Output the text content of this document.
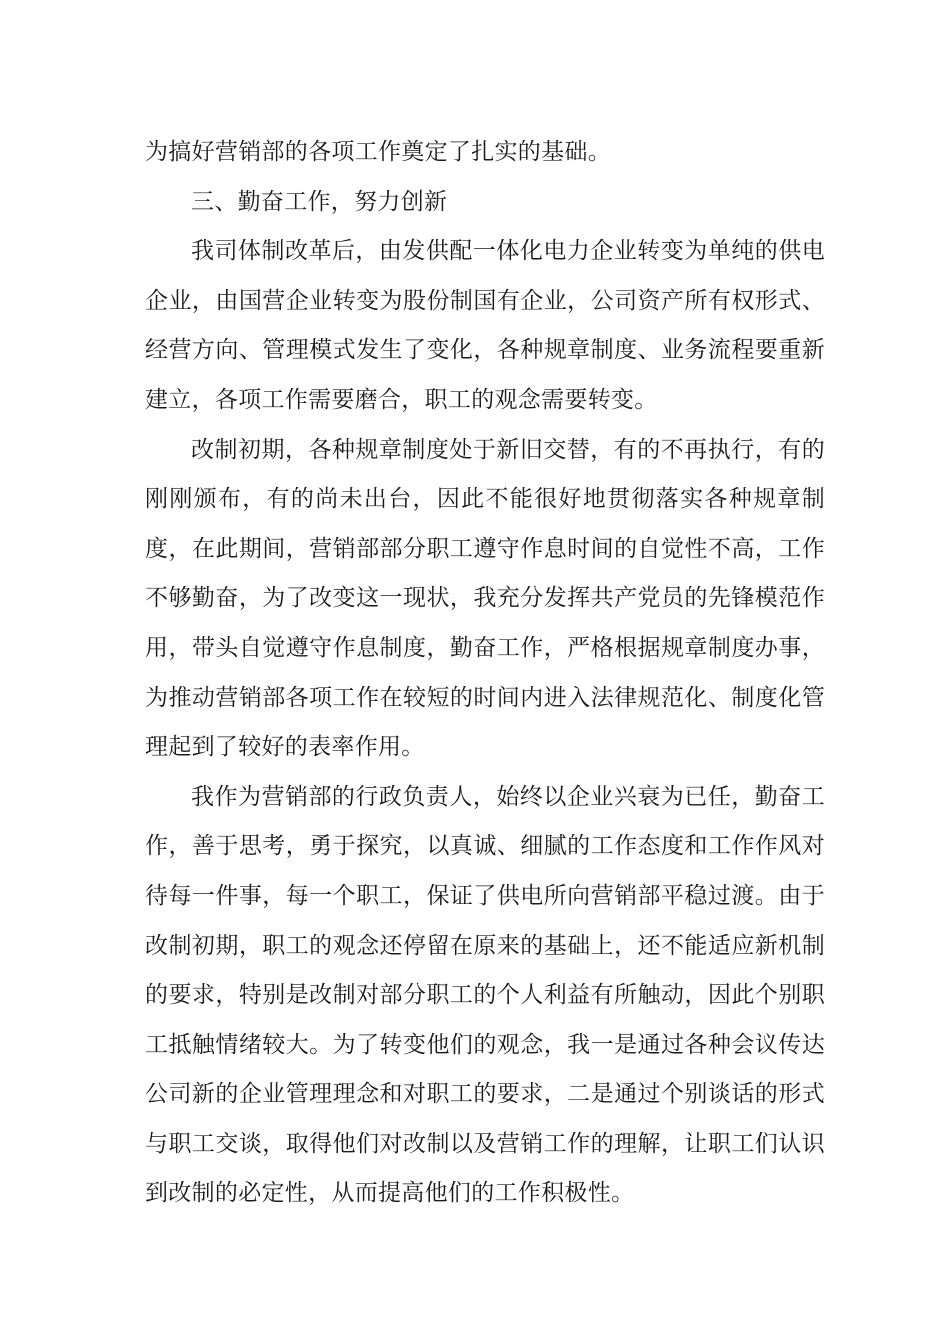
为搞好营销部的各项工作奠定了扎实的基础。

三、勤奋工作，努力创新

我司体制改革后，由发供配一体化电力企业转变为单纯的供电企业，由国营企业转变为股份制国有企业，公司资产所有权形式、经营方向、管理模式发生了变化，各种规章制度、业务流程要重新建立，各项工作需要磨合，职工的观念需要转变。

改制初期，各种规章制度处于新旧交替，有的不再执行，有的刚刚颁布，有的尚未出台，因此不能很好地贯彻落实各种规章制度，在此期间，营销部部分职工遵守作息时间的自觉性不高，工作不够勤奋，为了改变这一现状，我充分发挥共产党员的先锋模范作用，带头自觉遵守作息制度，勤奋工作，严格根据规章制度办事，为推动营销部各项工作在较短的时间内进入法律规范化、制度化管理起到了较好的表率作用。

我作为营销部的行政负责人，始终以企业兴衰为已任，勤奋工作，善于思考，勇于探究，以真诚、细腻的工作态度和工作作风对待每一件事，每一个职工，保证了供电所向营销部平稳过渡。由于改制初期，职工的观念还停留在原来的基础上，还不能适应新机制的要求，特别是改制对部分职工的个人利益有所触动，因此个别职工抵触情绪较大。为了转变他们的观念，我一是通过各种会议传达公司新的企业管理理念和对职工的要求，二是通过个别谈话的形式与职工交谈，取得他们对改制以及营销工作的理解，让职工们认识到改制的必定性，从而提高他们的工作积极性。
